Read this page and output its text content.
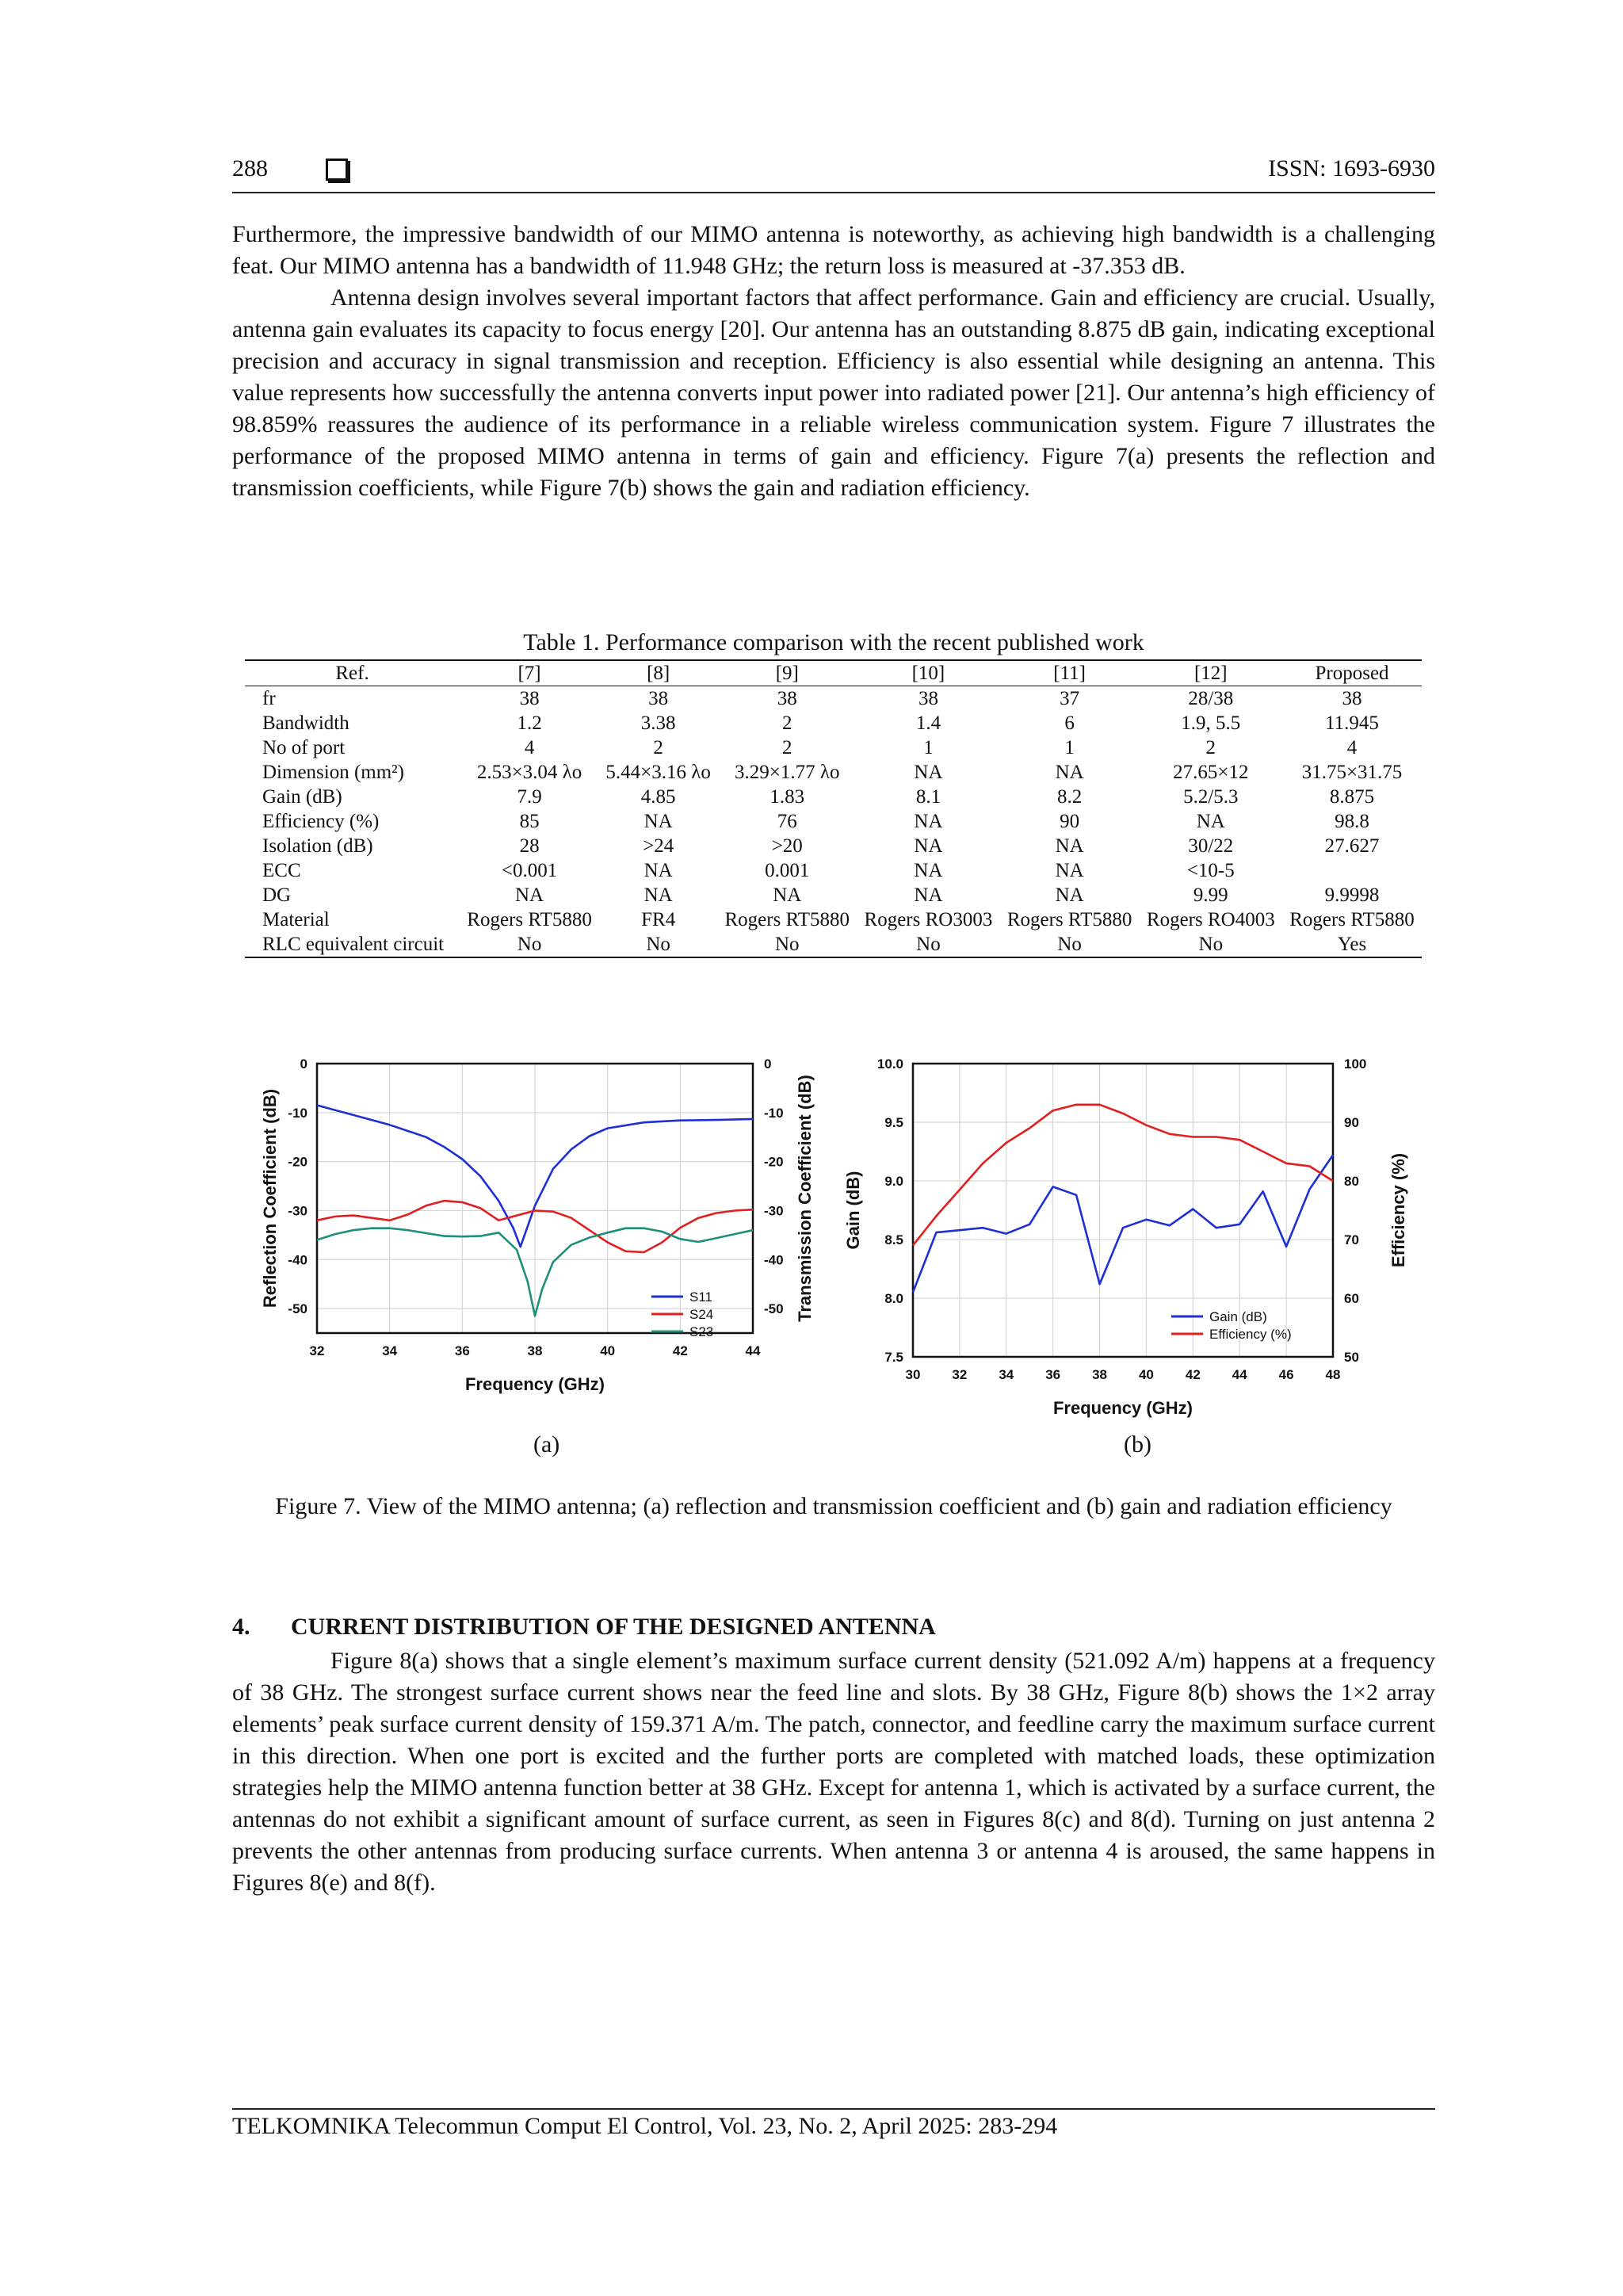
288	ISSN: 1693-6930

Furthermore, the impressive bandwidth of our MIMO antenna is noteworthy, as achieving high bandwidth is a challenging feat. Our MIMO antenna has a bandwidth of 11.948 GHz; the return loss is measured at -37.353 dB.

Antenna design involves several important factors that affect performance. Gain and efficiency are crucial. Usually, antenna gain evaluates its capacity to focus energy [20]. Our antenna has an outstanding 8.875 dB gain, indicating exceptional precision and accuracy in signal transmission and reception. Efficiency is also essential while designing an antenna. This value represents how successfully the antenna converts input power into radiated power [21]. Our antenna’s high efficiency of 98.859% reassures the audience of its performance in a reliable wireless communication system. Figure 7 illustrates the performance of the proposed MIMO antenna in terms of gain and efficiency. Figure 7(a) presents the reflection and transmission coefficients, while Figure 7(b) shows the gain and radiation efficiency.

Table 1. Performance comparison with the recent published work
Ref.	[7]	[8]	[9]	[10]	[11]	[12]	Proposed
fr	38	38	38	38	37	28/38	38
Bandwidth	1.2	3.38	2	1.4	6	1.9, 5.5	11.945
No of port	4	2	2	1	1	2	4
Dimension (mm²)	2.53×3.04 λo	5.44×3.16 λo	3.29×1.77 λo	NA	NA	27.65×12	31.75×31.75
Gain (dB)	7.9	4.85	1.83	8.1	8.2	5.2/5.3	8.875
Efficiency (%)	85	NA	76	NA	90	NA	98.8
Isolation (dB)	28	>24	>20	NA	NA	30/22	27.627
ECC	<0.001	NA	0.001	NA	NA	<10-5	
DG	NA	NA	NA	NA	NA	9.99	9.9998
Material	Rogers RT5880	FR4	Rogers RT5880	Rogers RO3003	Rogers RT5880	Rogers RO4003	Rogers RT5880
RLC equivalent circuit	No	No	No	No	No	No	Yes
32	34	36	38	40	42	44
0
-10
-20
-30
-40
-50
0
-10
-20
-30
-40
-50
Frequency (GHz)
Reflection Coefficient (dB)	Transmission Coefficient (dB)
S11
S24
S23
30 32 34 36 38 40 42 44 46 48
10.0
9.5
9.0
8.5
8.0
7.5
100
90
80
70
60
50
Frequency (GHz)
Gain (dB)	Efficiency (%)
Gain (dB)
Efficiency (%)
(a)	(b)
Figure 7. View of the MIMO antenna; (a) reflection and transmission coefficient and (b) gain and radiation efficiency
4. CURRENT DISTRIBUTION OF THE DESIGNED ANTENNA

Figure 8(a) shows that a single element’s maximum surface current density (521.092 A/m) happens at a frequency of 38 GHz. The strongest surface current shows near the feed line and slots. By 38 GHz, Figure 8(b) shows the 1×2 array elements’ peak surface current density of 159.371 A/m. The patch, connector, and feedline carry the maximum surface current in this direction. When one port is excited and the further ports are completed with matched loads, these optimization strategies help the MIMO antenna function better at 38 GHz. Except for antenna 1, which is activated by a surface current, the antennas do not exhibit a significant amount of surface current, as seen in Figures 8(c) and 8(d). Turning on just antenna 2 prevents the other antennas from producing surface currents. When antenna 3 or antenna 4 is aroused, the same happens in Figures 8(e) and 8(f).

TELKOMNIKA Telecommun Comput El Control, Vol. 23, No. 2, April 2025: 283-294
